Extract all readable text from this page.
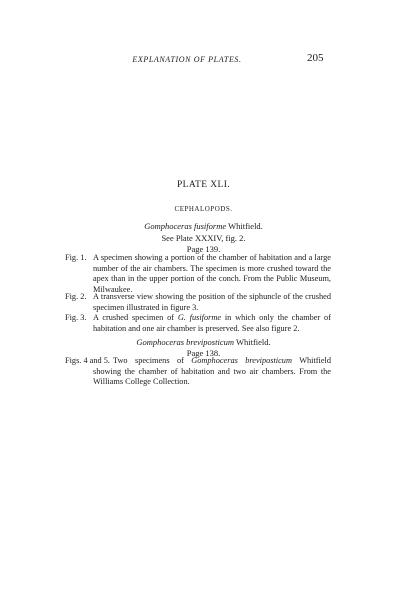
EXPLANATION OF PLATES.	205
PLATE XLI.
CEPHALOPODS.
Gomphoceras fusiforme Whitfield.
See Plate XXXIV, fig. 2.
Page 139.
Fig. 1. A specimen showing a portion of the chamber of habitation and a large number of the air chambers. The specimen is more crushed toward the apex than in the upper portion of the conch. From the Public Museum, Milwaukee.
Fig. 2. A transverse view showing the position of the siphuncle of the crushed specimen illustrated in figure 3.
Fig. 3. A crushed specimen of G. fusiforme in which only the chamber of habitation and one air chamber is preserved. See also figure 2.
Gomphoceras breviposticum Whitfield.
Page 138.
Figs. 4 and 5. Two specimens of Gomphoceras breviposticum Whitfield showing the chamber of habitation and two air chambers. From the Williams College Collection.
